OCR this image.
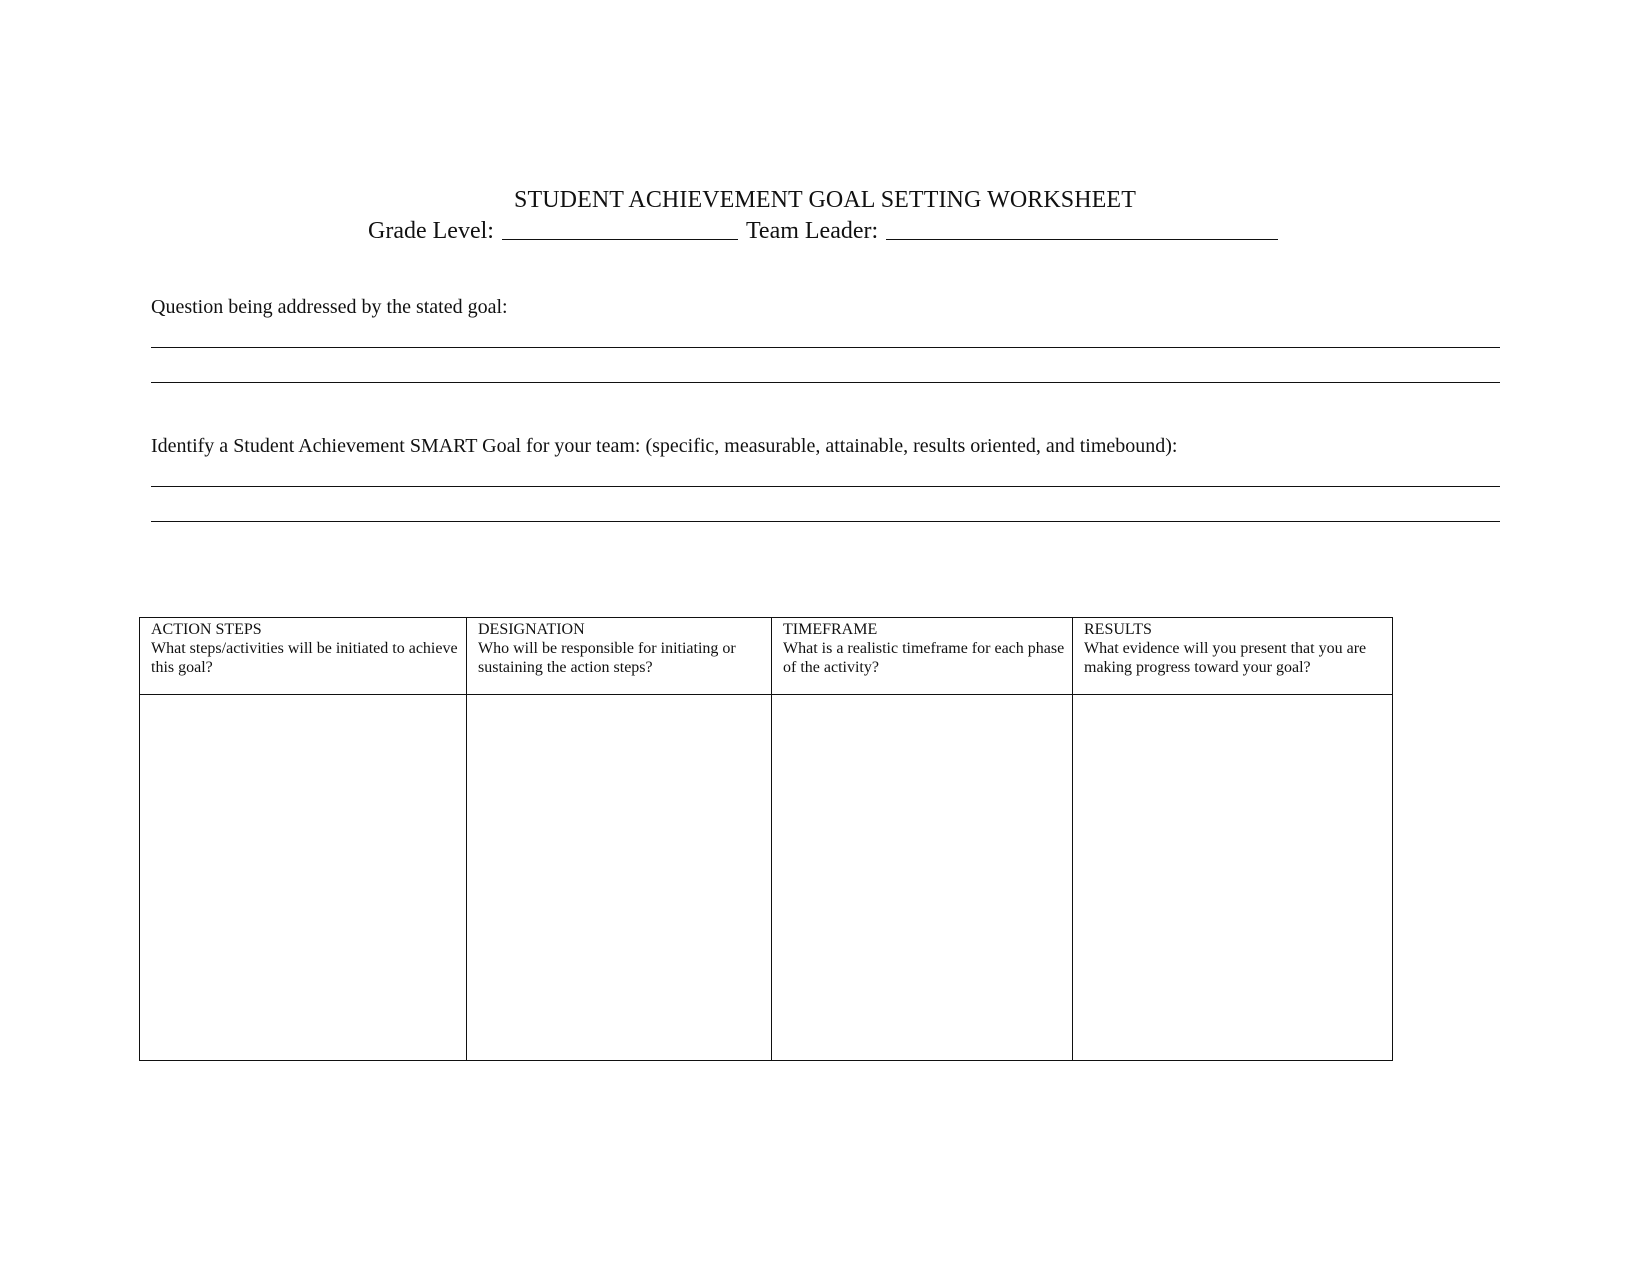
STUDENT ACHIEVEMENT GOAL SETTING WORKSHEET
Grade Level:	Team Leader:
Question being addressed by the stated goal:
Identify a Student Achievement SMART Goal for your team: (specific, measurable, attainable, results oriented, and timebound):
ACTION STEPS
What steps/activities will be initiated to achieve this goal?
DESIGNATION
Who will be responsible for initiating or sustaining the action steps?
TIMEFRAME
What is a realistic timeframe for each phase of the activity?
RESULTS
What evidence will you present that you are making progress toward your goal?
